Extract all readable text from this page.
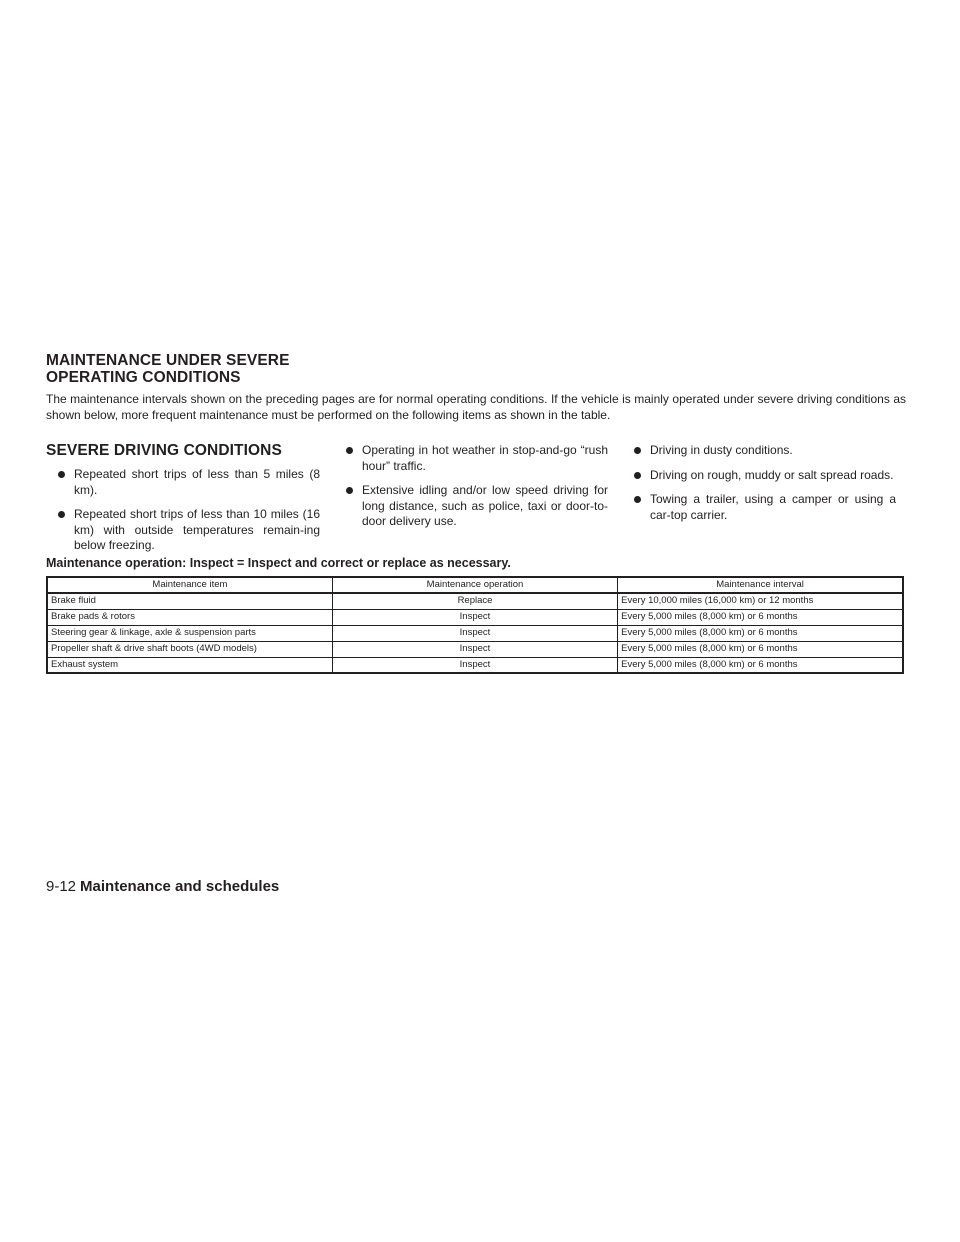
MAINTENANCE UNDER SEVERE
OPERATING CONDITIONS

The maintenance intervals shown on the preceding pages are for normal operating conditions. If the vehicle is mainly operated under severe driving conditions as shown below, more frequent maintenance must be performed on the following items as shown in the table.

SEVERE DRIVING CONDITIONS
Repeated short trips of less than 5 miles (8 km).
Repeated short trips of less than 10 miles (16 km) with outside temperatures remain-ing below freezing.
Operating in hot weather in stop-and-go “rush hour” traffic.
Extensive idling and/or low speed driving for long distance, such as police, taxi or door-to-door delivery use.
Driving in dusty conditions.
Driving on rough, muddy or salt spread roads.
Towing a trailer, using a camper or using a car-top carrier.
Maintenance operation: Inspect = Inspect and correct or replace as necessary.
Maintenance item	Maintenance operation	Maintenance interval
Brake fluid	Replace	Every 10,000 miles (16,000 km) or 12 months
Brake pads & rotors	Inspect	Every 5,000 miles (8,000 km) or 6 months
Steering gear & linkage, axle & suspension parts	Inspect	Every 5,000 miles (8,000 km) or 6 months
Propeller shaft & drive shaft boots (4WD models)	Inspect	Every 5,000 miles (8,000 km) or 6 months
Exhaust system	Inspect	Every 5,000 miles (8,000 km) or 6 months
9-12 Maintenance and schedules
